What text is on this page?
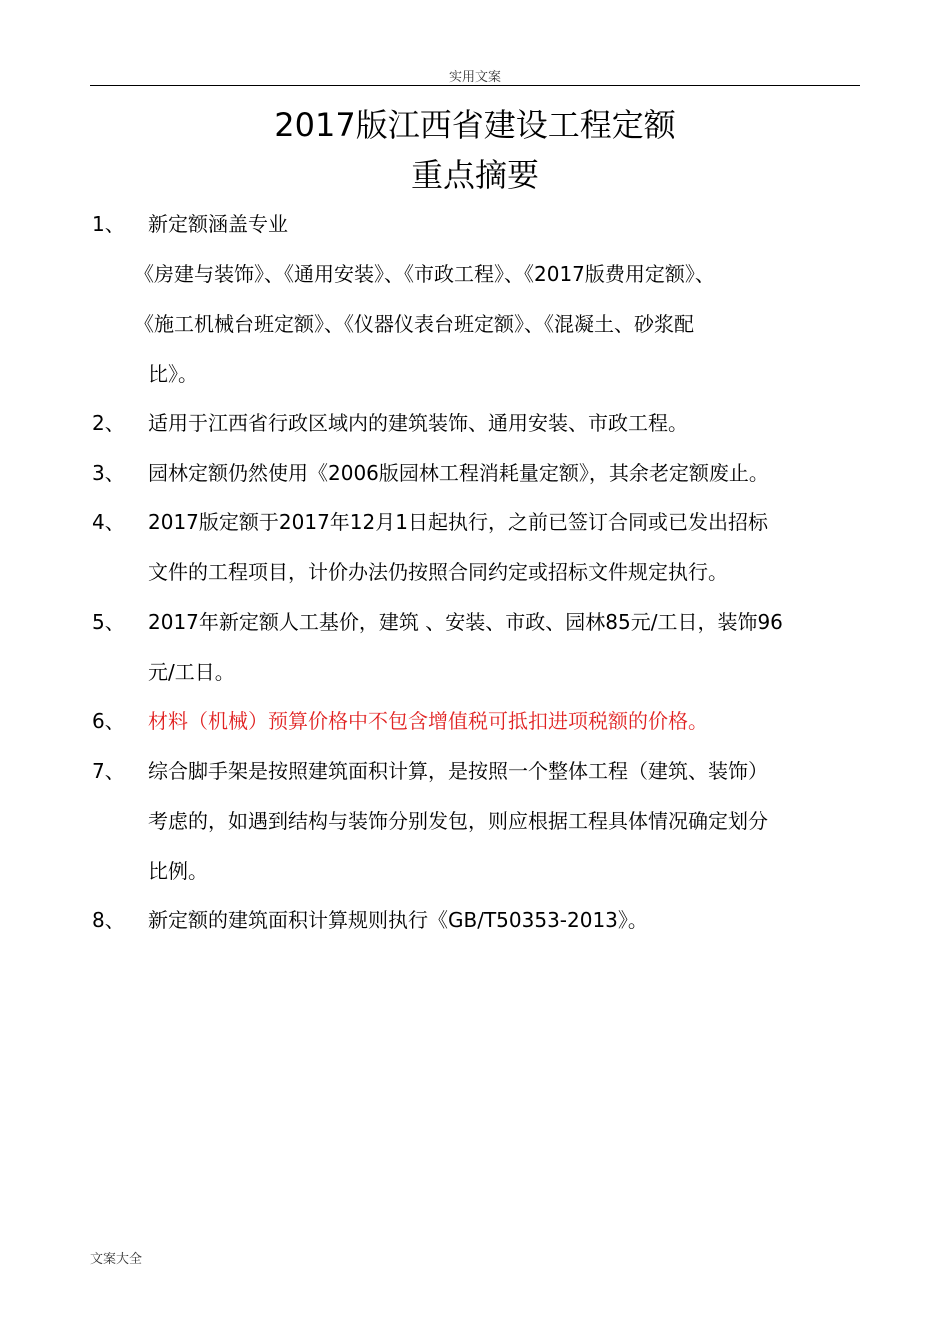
实用文案
2017版江西省建设工程定额
重点摘要
1、 新定额涵盖专业
《房建与装饰》、《通用安装》、《市政工程》、《2017版费用定额》、
《施工机械台班定额》、《仪器仪表台班定额》、《混凝土、砂浆配
比》。
2、 适用于江西省行政区域内的建筑装饰、通用安装、市政工程。
3、 园林定额仍然使用《2006版园林工程消耗量定额》，其余老定额废止。
4、 2017版定额于2017年12月1日起执行，之前已签订合同或已发出招标
文件的工程项目，计价办法仍按照合同约定或招标文件规定执行。
5、 2017年新定额人工基价，建筑 、安装、市政、园林85元/工日，装饰96
元/工日。
6、 材料（机械）预算价格中不包含增值税可抵扣进项税额的价格。
7、 综合脚手架是按照建筑面积计算，是按照一个整体工程（建筑、装饰）
考虑的，如遇到结构与装饰分别发包，则应根据工程具体情况确定划分
比例。
8、 新定额的建筑面积计算规则执行《GB/T50353-2013》。
文案大全
